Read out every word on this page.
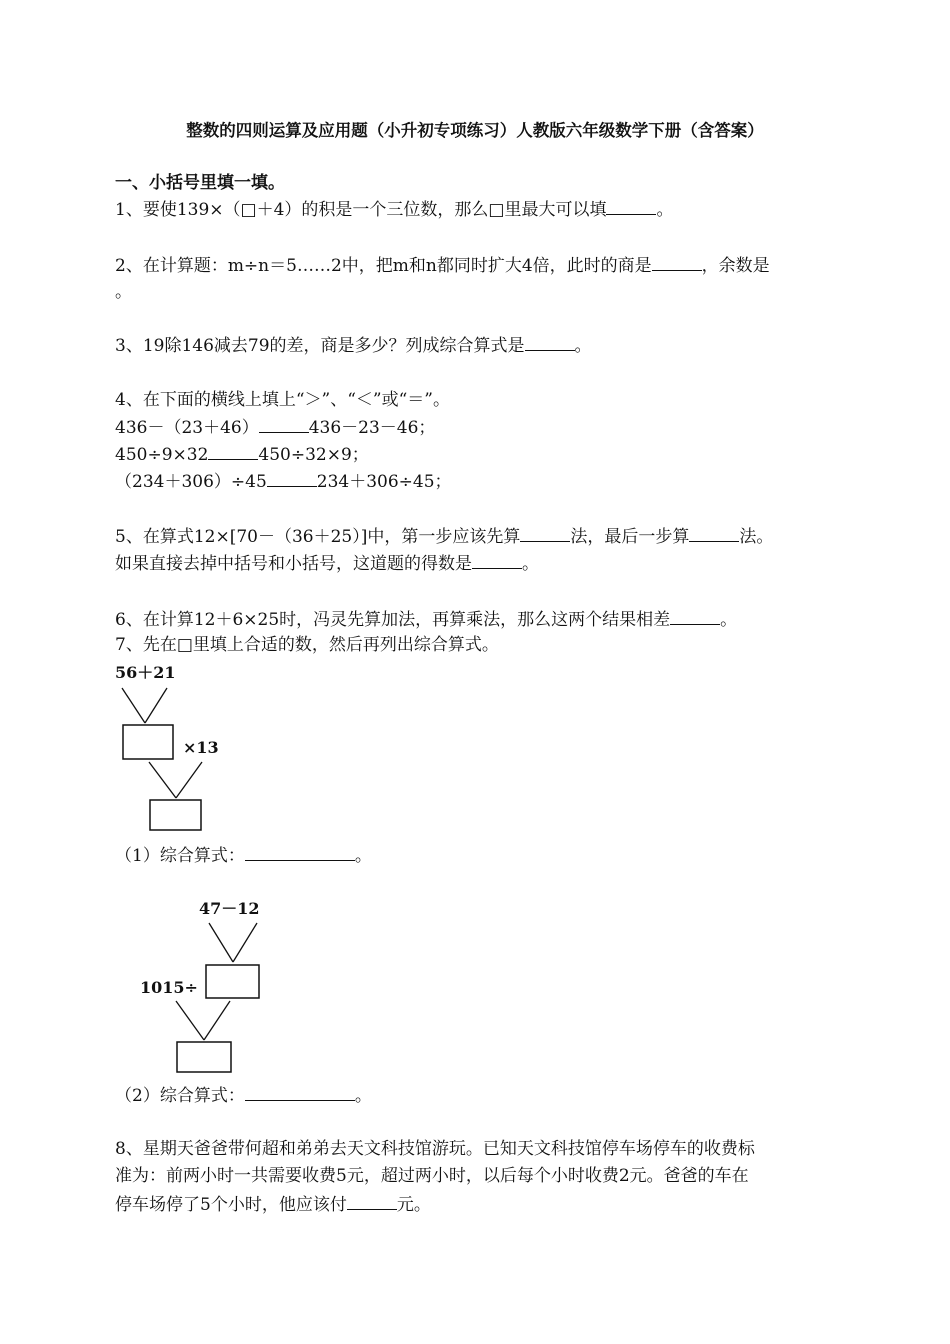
整数的四则运算及应用题（小升初专项练习）人教版六年级数学下册（含答案）
一、小括号里填一填。
1、要使139×（□＋4）的积是一个三位数，那么□里最大可以填	。
2、在计算题：m÷n＝5……2中，把m和n都同时扩大4倍，此时的商是	，余数是
。
3、19除146减去79的差，商是多少？列成综合算式是	。
4、在下面的横线上填上“＞”、“＜”或“＝”。
436－（23＋46）	436－23－46；
450÷9×32	450÷32×9；
（234＋306）÷45	234＋306÷45；
5、在算式12×[70－（36＋25）]中，第一步应该先算	法，最后一步算	法。
如果直接去掉中括号和小括号，这道题的得数是	。
6、在计算12＋6×25时，冯灵先算加法，再算乘法，那么这两个结果相差	。
7、先在□里填上合适的数，然后再列出综合算式。
56＋21
×13
47－12
1015÷
（1）综合算式：	。
（2）综合算式：	。
8、星期天爸爸带何超和弟弟去天文科技馆游玩。已知天文科技馆停车场停车的收费标
准为：前两小时一共需要收费5元，超过两小时，以后每个小时收费2元。爸爸的车在
停车场停了5个小时，他应该付	元。
